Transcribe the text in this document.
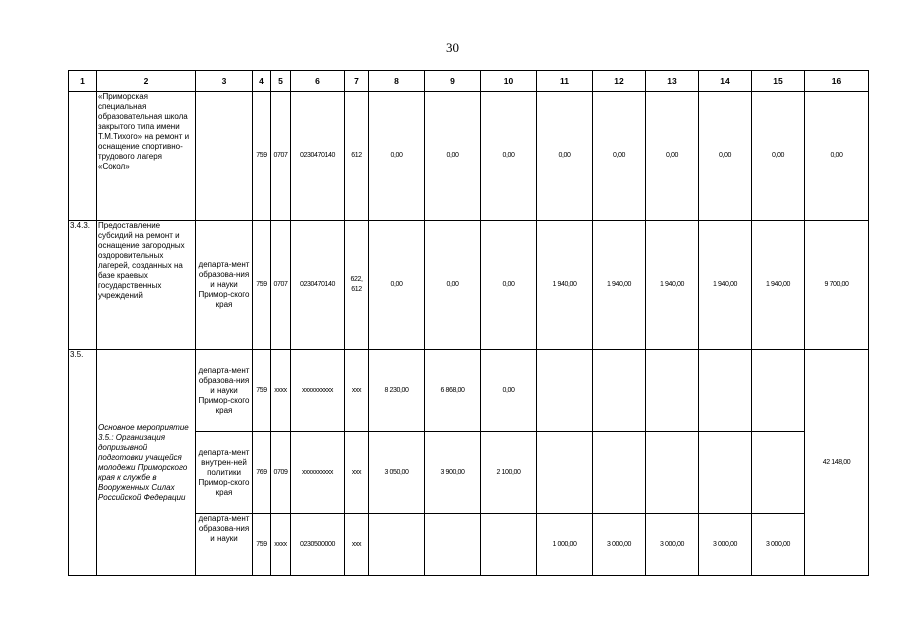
30
1	2	3	4	5	6	7	8	9	10	11	12	13	14	15	16
	«Приморская специальная образовательная школа закрытого типа имени Т.М.Тихого» на ремонт и оснащение спортивно-трудового лагеря «Сокол»		759	0707	0230470140	612	0,00	0,00	0,00	0,00	0,00	0,00	0,00	0,00	0,00
3.4.3.	Предоставление субсидий на ремонт и оснащение загородных оздоровительных лагерей, созданных на базе краевых государственных учреждений	департа-мент образова-ния и науки Примор-ского края	759	0707	0230470140	622, 612	0,00	0,00	0,00	1 940,00	1 940,00	1 940,00	1 940,00	1 940,00	9 700,00
3.5.	Основное мероприятие 3.5.: Организация допризывной подготовки учащейся молодежи Приморского края к службе в Вооруженных Силах Российской Федерации	департа-мент образова-ния и науки Примор-ского края	759	хххх	хххххххххх	ххх	8 230,00	6 868,00	0,00						42 148,00
		департа-мент внутрен-ней политики Примор-ского края	769	0709	хххххххххх	ххх	3 050,00	3 900,00	2 100,00						
		департа-мент образова-ния и науки	759	хххх	0230500000	ххх				1 000,00	3 000,00	3 000,00	3 000,00	3 000,00	
